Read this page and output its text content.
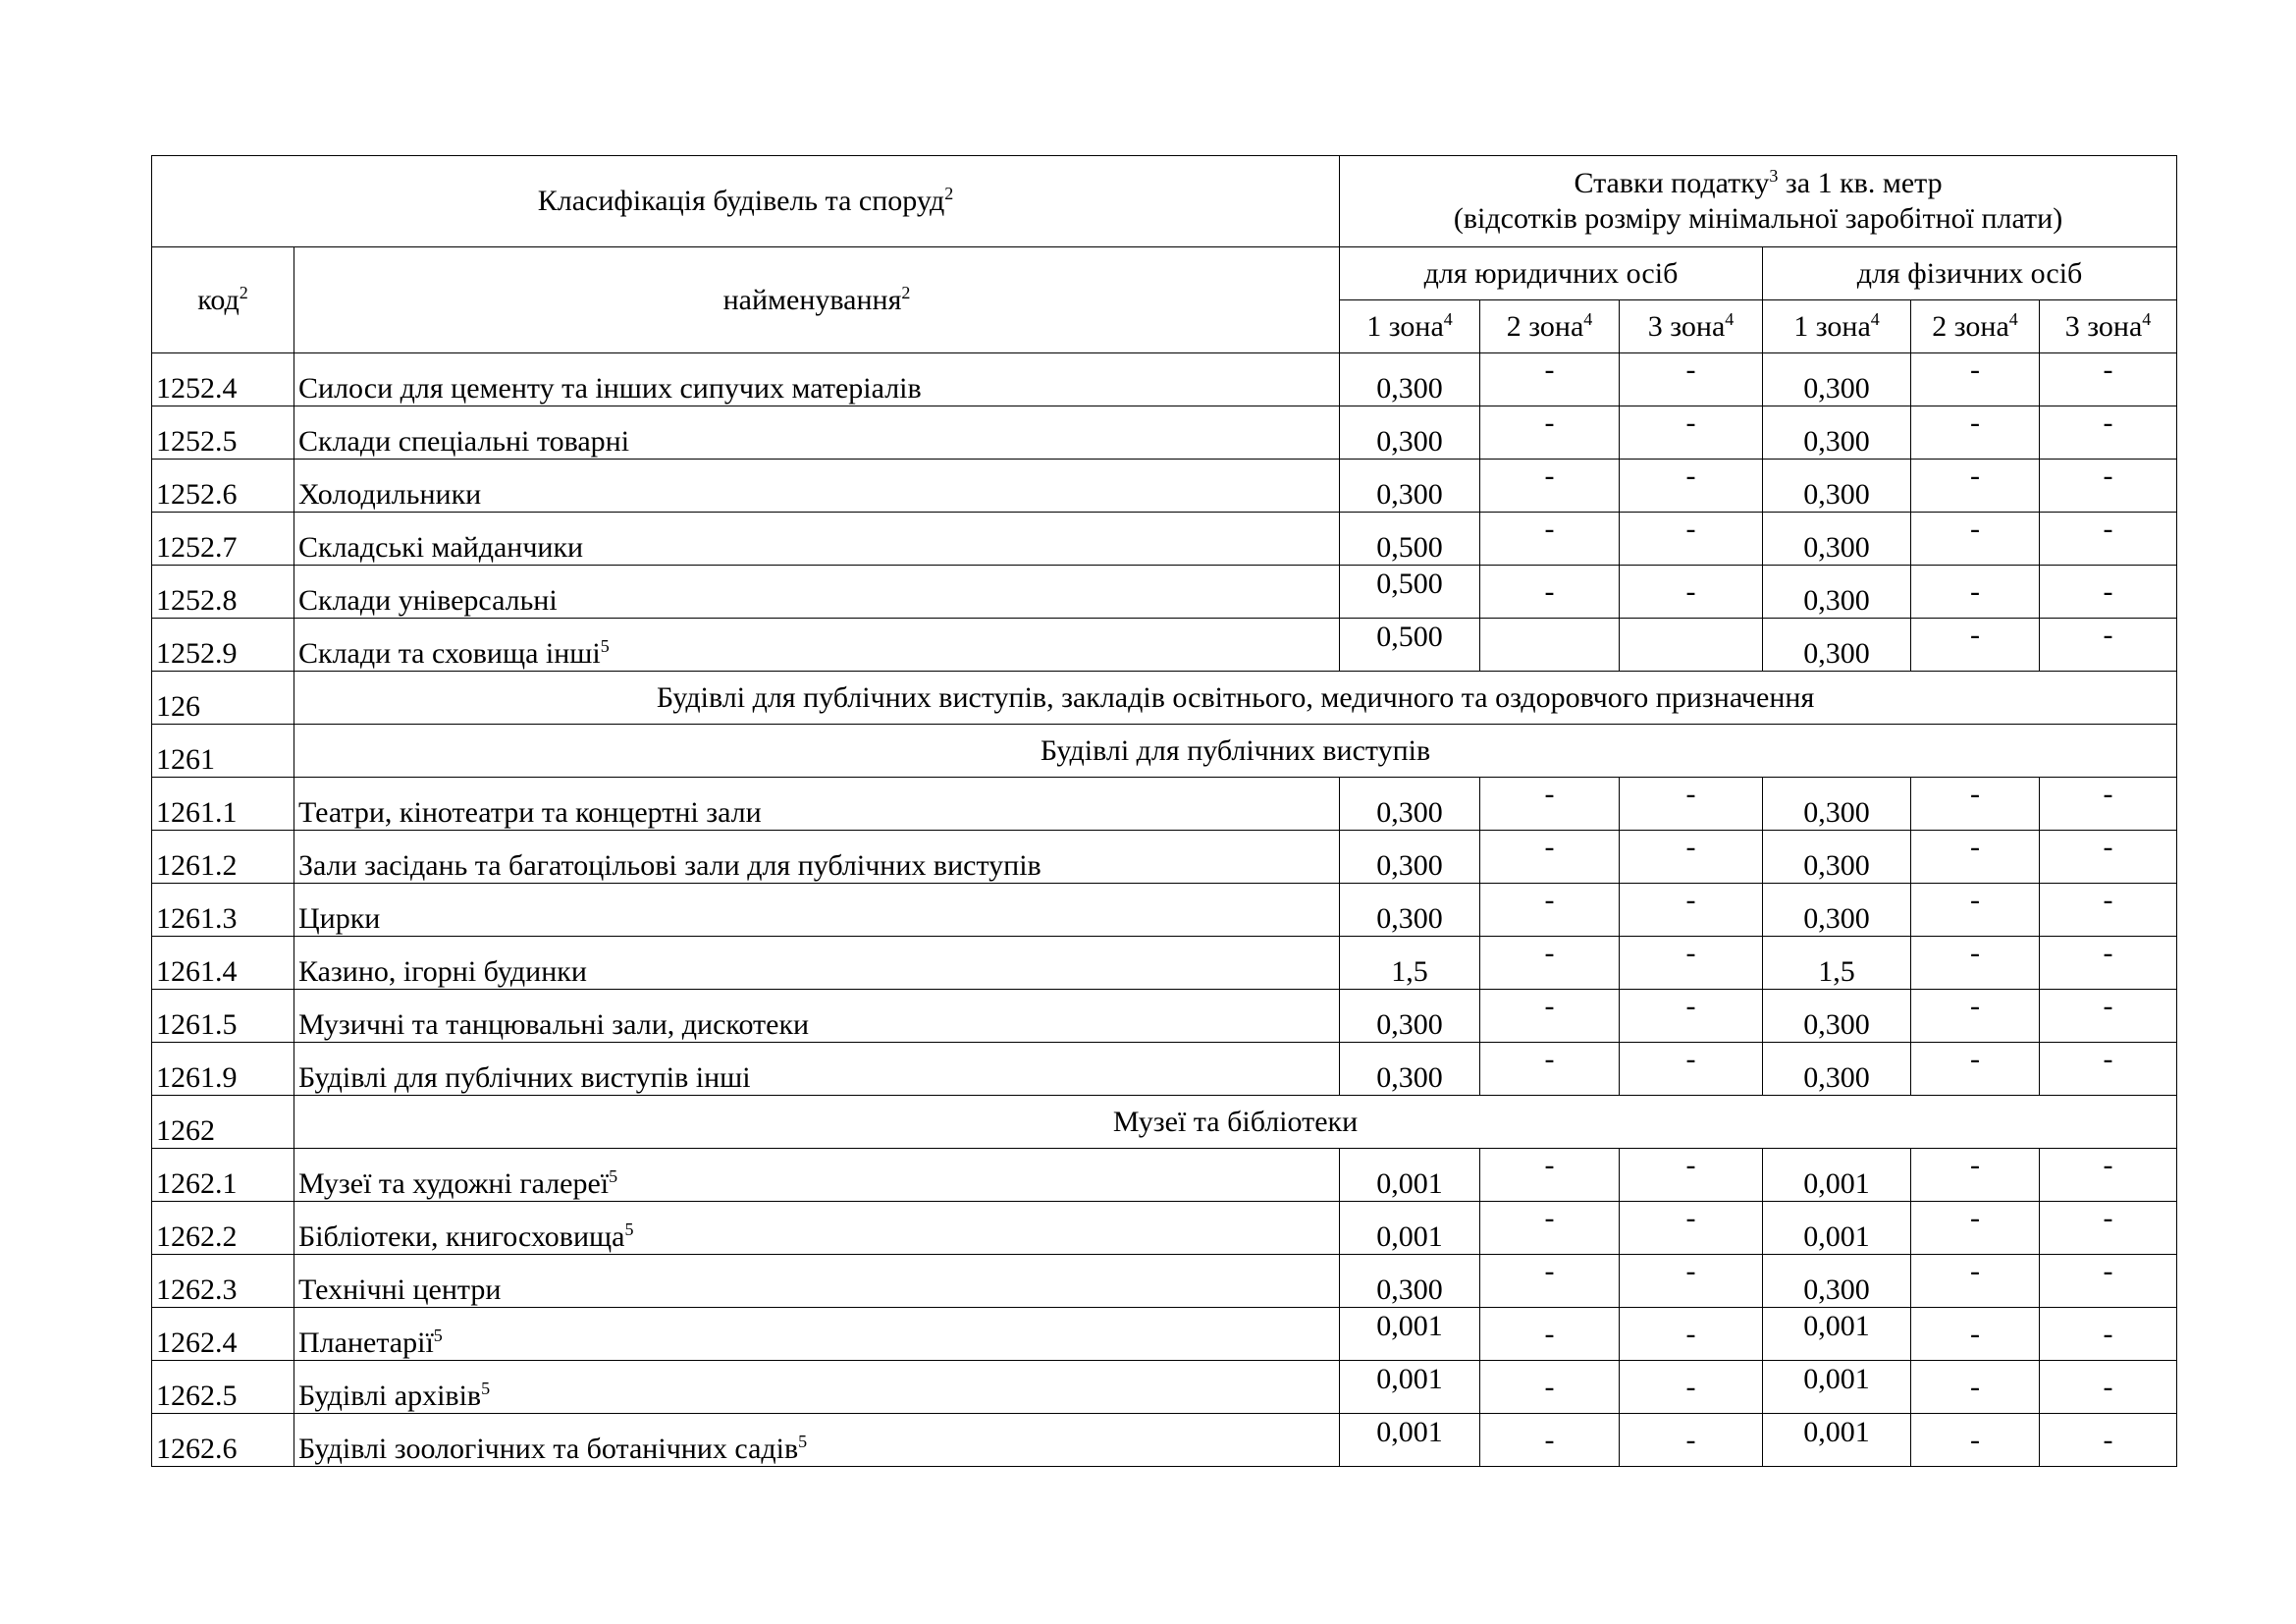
Класифікація будівель та споруд$^2$		Ставки податку$^3$ за 1 кв. метр
(відсотків розміру мінімальної заробітної плати)					

код$^2$	найменування$^2$	для юридичних осіб			для фізичних осіб		
		1 зона$^4$	2 зона$^4$	3 зона$^4$	1 зона$^4$	2 зона$^4$	3 зона$^4$
1252.4	Силоси для цементу та інших сипучих матеріалів	0,300	-	-	0,300	-	-
1252.5	Склади спеціальні товарні	0,300	-	-	0,300	-	-
1252.6	Холодильники	0,300	-	-	0,300	-	-
1252.7	Складські майданчики	0,500	-	-	0,300	-	-
1252.8	Склади універсальні	0,500	-	-	0,300	-	-
1252.9	Склади та сховища інші$^5$	0,500			0,300	-	-
126	Будівлі для публічних виступів, закладів освітнього, медичного та оздоровчого призначення						
1261	Будівлі для публічних виступів						
1261.1	Театри, кінотеатри та концертні зали	0,300	-	-	0,300	-	-
1261.2	Зали засідань та багатоцільові зали для публічних виступів	0,300	-	-	0,300	-	-
1261.3	Цирки	0,300	-	-	0,300	-	-
1261.4	Казино, ігорні будинки	1,5	-	-	1,5	-	-
1261.5	Музичні та танцювальні зали, дискотеки	0,300	-	-	0,300	-	-
1261.9	Будівлі для публічних виступів інші	0,300	-	-	0,300	-	-
1262	Музеї та бібліотеки						
1262.1	Музеї та художні галереї$^5$	0,001	-	-	0,001	-	-
1262.2	Бібліотеки, книгосховища$^5$	0,001	-	-	0,001	-	-
1262.3	Технічні центри	0,300	-	-	0,300	-	-
1262.4	Планетарії$^5$	0,001	-	-	0,001	-	-
1262.5	Будівлі архівів$^5$	0,001	-	-	0,001	-	-
1262.6	Будівлі зоологічних та ботанічних садів$^5$	0,001	-	-	0,001	-	-
